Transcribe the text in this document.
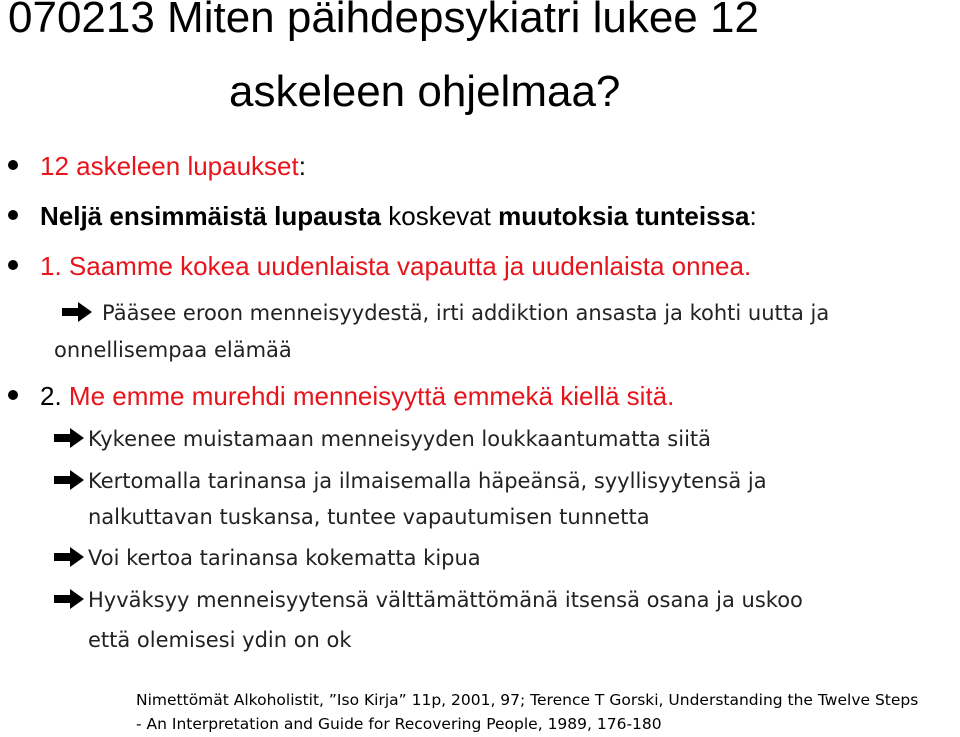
070213 Miten päihdepsykiatri lukee 12
askeleen ohjelmaa?
12 askeleen lupaukset:
Neljä ensimmäistä lupausta koskevat muutoksia tunteissa:
1. Saamme kokea uudenlaista vapautta ja uudenlaista onnea.
Pääsee eroon menneisyydestä, irti addiktion ansasta ja kohti uutta ja
onnellisempaa elämää
2. Me emme murehdi menneisyyttä emmekä kiellä sitä.
Kykenee muistamaan menneisyyden loukkaantumatta siitä
Kertomalla tarinansa ja ilmaisemalla häpeänsä, syyllisyytensä ja
nalkuttavan tuskansa, tuntee vapautumisen tunnetta
Voi kertoa tarinansa kokematta kipua
Hyväksyy menneisyytensä välttämättömänä itsensä osana ja uskoo
että olemisesi ydin on ok
Nimettömät Alkoholistit, ”Iso Kirja” 11p, 2001, 97; Terence T Gorski, Understanding the Twelve Steps
- An Interpretation and Guide for Recovering People, 1989, 176-180
